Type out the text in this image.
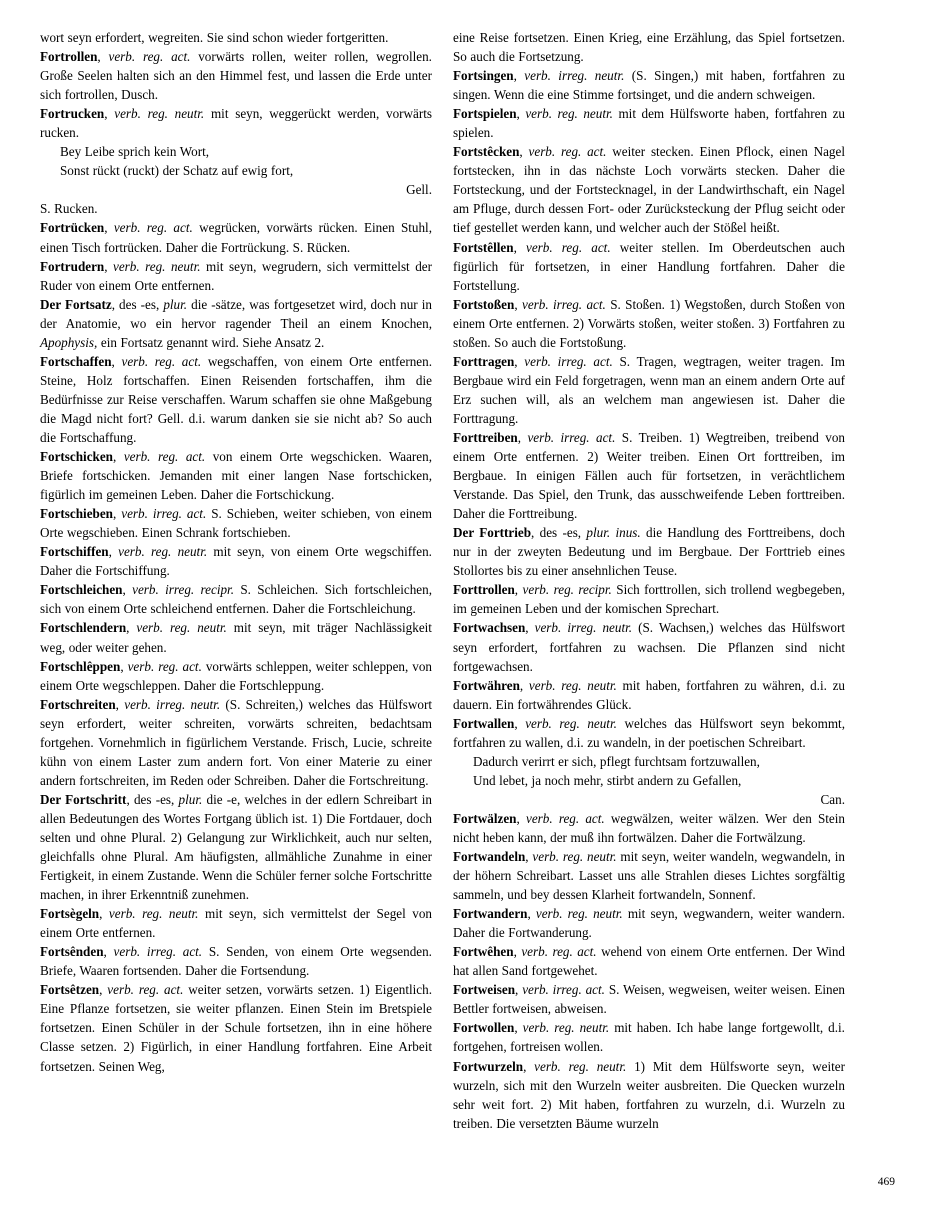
wort seyn erfordert, wegreiten. Sie sind schon wieder fortgeritten.

Fortrollen, verb. reg. act. vorwärts rollen, weiter rollen, wegrollen. Große Seelen halten sich an den Himmel fest, und lassen die Erde unter sich fortrollen, Dusch.

Fortrucken, verb. reg. neutr. mit seyn, weggerückt werden, vorwärts rucken.

Bey Leibe sprich kein Wort,

Sonst rückt (ruckt) der Schatz auf ewig fort,

Gell.

S. Rucken.

Fortrücken, verb. reg. act. wegrücken, vorwärts rücken. Einen Stuhl, einen Tisch fortrücken. Daher die Fortrückung. S. Rücken.

Fortrudern, verb. reg. neutr. mit seyn, wegrudern, sich vermittelst der Ruder von einem Orte entfernen.

Der Fortsatz, des -es, plur. die -sätze, was fortgesetzet wird, doch nur in der Anatomie, wo ein hervor ragender Theil an einem Knochen, Apophysis, ein Fortsatz genannt wird. Siehe Ansatz 2.

Fortschaffen, verb. reg. act. wegschaffen, von einem Orte entfernen. Steine, Holz fortschaffen. Einen Reisenden fortschaffen, ihm die Bedürfnisse zur Reise verschaffen. Warum schaffen sie ohne Maßgebung die Magd nicht fort? Gell. d.i. warum danken sie sie nicht ab? So auch die Fortschaffung.

Fortschicken, verb. reg. act. von einem Orte wegschicken. Waaren, Briefe fortschicken. Jemanden mit einer langen Nase fortschicken, figürlich im gemeinen Leben. Daher die Fortschickung.

Fortschieben, verb. irreg. act. S. Schieben, weiter schieben, von einem Orte wegschieben. Einen Schrank fortschieben.

Fortschiffen, verb. reg. neutr. mit seyn, von einem Orte wegschiffen. Daher die Fortschiffung.

Fortschleichen, verb. irreg. recipr. S. Schleichen. Sich fortschleichen, sich von einem Orte schleichend entfernen. Daher die Fortschleichung.

Fortschlendern, verb. reg. neutr. mit seyn, mit träger Nachlässigkeit weg, oder weiter gehen.

Fortschlêppen, verb. reg. act. vorwärts schleppen, weiter schleppen, von einem Orte wegschleppen. Daher die Fortschleppung.

Fortschreiten, verb. irreg. neutr. (S. Schreiten,) welches das Hülfswort seyn erfordert, weiter schreiten, vorwärts schreiten, bedachtsam fortgehen. Vornehmlich in figürlichem Verstande. Frisch, Lucie, schreite kühn von einem Laster zum andern fort. Von einer Materie zu einer andern fortschreiten, im Reden oder Schreiben. Daher die Fortschreitung.

Der Fortschritt, des -es, plur. die -e, welches in der edlern Schreibart in allen Bedeutungen des Wortes Fortgang üblich ist. 1) Die Fortdauer, doch selten und ohne Plural. 2) Gelangung zur Wirklichkeit, auch nur selten, gleichfalls ohne Plural. Am häufigsten, allmähliche Zunahme in einer Fertigkeit, in einem Zustande. Wenn die Schüler ferner solche Fortschritte machen, in ihrer Erkenntniß zunehmen.

Fortsègeln, verb. reg. neutr. mit seyn, sich vermittelst der Segel von einem Orte entfernen.

Fortsênden, verb. irreg. act. S. Senden, von einem Orte wegsenden. Briefe, Waaren fortsenden. Daher die Fortsendung.

Fortsêtzen, verb. reg. act. weiter setzen, vorwärts setzen. 1) Eigentlich. Eine Pflanze fortsetzen, sie weiter pflanzen. Einen Stein im Bretspiele fortsetzen. Einen Schüler in der Schule fortsetzen, ihn in eine höhere Classe setzen. 2) Figürlich, in einer Handlung fortfahren. Eine Arbeit fortsetzen. Seinen Weg,

eine Reise fortsetzen. Einen Krieg, eine Erzählung, das Spiel fortsetzen. So auch die Fortsetzung.

Fortsingen, verb. irreg. neutr. (S. Singen,) mit haben, fortfahren zu singen. Wenn die eine Stimme fortsinget, und die andern schweigen.

Fortspielen, verb. reg. neutr. mit dem Hülfsworte haben, fortfahren zu spielen.

Fortstêcken, verb. reg. act. weiter stecken. Einen Pflock, einen Nagel fortstecken, ihn in das nächste Loch vorwärts stecken. Daher die Fortsteckung, und der Fortstecknagel, in der Landwirthschaft, ein Nagel am Pfluge, durch dessen Fort- oder Zurücksteckung der Pflug seicht oder tief gestellet werden kann, und welcher auch der Stößel heißt.

Fortstêllen, verb. reg. act. weiter stellen. Im Oberdeutschen auch figürlich für fortsetzen, in einer Handlung fortfahren. Daher die Fortstellung.

Fortstoßen, verb. irreg. act. S. Stoßen. 1) Wegstoßen, durch Stoßen von einem Orte entfernen. 2) Vorwärts stoßen, weiter stoßen. 3) Fortfahren zu stoßen. So auch die Fortstoßung.

Forttragen, verb. irreg. act. S. Tragen, wegtragen, weiter tragen. Im Bergbaue wird ein Feld forgetragen, wenn man an einem andern Orte auf Erz suchen will, als an welchem man angewiesen ist. Daher die Forttragung.

Forttreiben, verb. irreg. act. S. Treiben. 1) Wegtreiben, treibend von einem Orte entfernen. 2) Weiter treiben. Einen Ort forttreiben, im Bergbaue. In einigen Fällen auch für fortsetzen, in verächtlichem Verstande. Das Spiel, den Trunk, das ausschweifende Leben forttreiben. Daher die Forttreibung.

Der Forttrieb, des -es, plur. inus. die Handlung des Forttreibens, doch nur in der zweyten Bedeutung und im Bergbaue. Der Forttrieb eines Stollortes bis zu einer ansehnlichen Teuse.

Forttrollen, verb. reg. recipr. Sich forttrollen, sich trollend wegbegeben, im gemeinen Leben und der komischen Sprechart.

Fortwachsen, verb. irreg. neutr. (S. Wachsen,) welches das Hülfswort seyn erfordert, fortfahren zu wachsen. Die Pflanzen sind nicht fortgewachsen.

Fortwähren, verb. reg. neutr. mit haben, fortfahren zu währen, d.i. zu dauern. Ein fortwährendes Glück.

Fortwallen, verb. reg. neutr. welches das Hülfswort seyn bekommt, fortfahren zu wallen, d.i. zu wandeln, in der poetischen Schreibart.

Dadurch verirrt er sich, pflegt furchtsam fortzuwallen,

Und lebet, ja noch mehr, stirbt andern zu Gefallen,

Can.

Fortwälzen, verb. reg. act. wegwälzen, weiter wälzen. Wer den Stein nicht heben kann, der muß ihn fortwälzen. Daher die Fortwälzung.

Fortwandeln, verb. reg. neutr. mit seyn, weiter wandeln, wegwandeln, in der höhern Schreibart. Lasset uns alle Strahlen dieses Lichtes sorgfältig sammeln, und bey dessen Klarheit fortwandeln, Sonnenf.

Fortwandern, verb. reg. neutr. mit seyn, wegwandern, weiter wandern. Daher die Fortwanderung.

Fortwêhen, verb. reg. act. wehend von einem Orte entfernen. Der Wind hat allen Sand fortgewehet.

Fortweisen, verb. irreg. act. S. Weisen, wegweisen, weiter weisen. Einen Bettler fortweisen, abweisen.

Fortwollen, verb. reg. neutr. mit haben. Ich habe lange fortgewollt, d.i. fortgehen, fortreisen wollen.

Fortwurzeln, verb. reg. neutr. 1) Mit dem Hülfsworte seyn, weiter wurzeln, sich mit den Wurzeln weiter ausbreiten. Die Quecken wurzeln sehr weit fort. 2) Mit haben, fortfahren zu wurzeln, d.i. Wurzeln zu treiben. Die versetzten Bäume wurzeln

469
